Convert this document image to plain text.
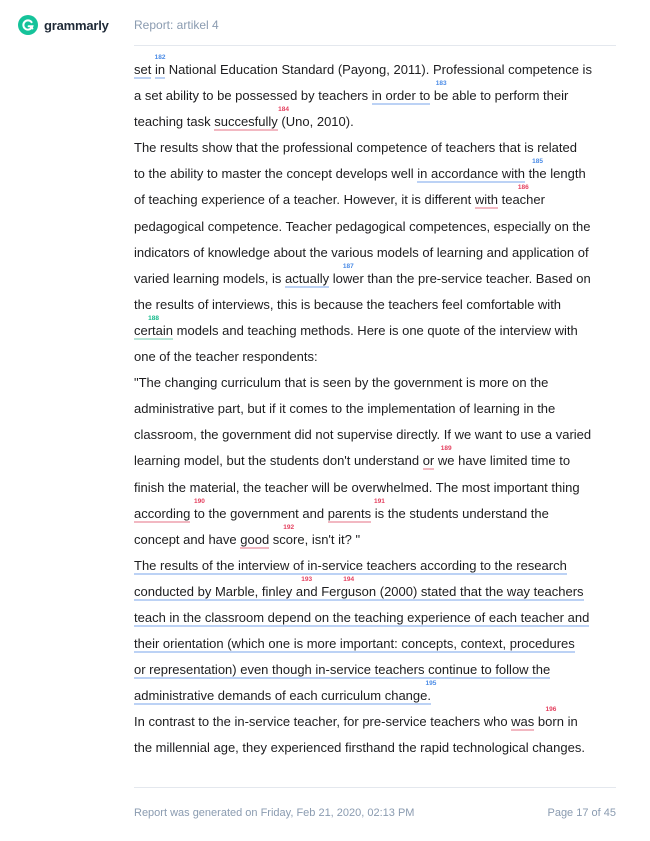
grammarly Report: artikel 4
set in
182
National Education Standard (Payong, 2011). Professional competence is
a set ability to be possessed by teachers in order to be
183
able to perform their
teaching task succesfully (
184
Uno, 2010).
The results show that the professional competence of teachers that is related
to the ability to master the concept develops well in accordance with the
185
length
of teaching experience of a teacher. However, it is different with teacher
186
pedagogical competence. Teacher pedagogical competences, especially on the
indicators of knowledge about the various models of learning and application of
varied learning models, is actually lower
187
than the pre-service teacher. Based on
the results of interviews, this is because the teachers feel comfortable with
certain
188
models and teaching methods. Here is one quote of the interview with
one of the teacher respondents:
"The changing curriculum that is seen by the government is more on the
administrative part, but if it comes to the implementation of learning in the
classroom, the government did not supervise directly. If we want to use a varied
learning model, but the students don't understand or we
189
have limited time to
finish the material, the teacher will be overwhelmed. The most important thing
according to
190
the government and parents is
191
the students understand the
concept and have good score
192
, isn't it? "
The results of the interview of in-service teachers according to the research
conducted by Marble, finley and
193
Ferguson
194
(2000) stated that the way teachers
teach in the classroom depend on the teaching experience of each teacher and
their orientation (which one is more important: concepts, context, procedures
or representation) even though in-service teachers continue to follow the
administrative demands of each curriculum change.
195
In contrast to the in-service teacher, for pre-service teachers who was born
196
in
the millennial age, they experienced firsthand the rapid technological changes.
Report was generated on Friday, Feb 21, 2020, 02:13 PM	Page 17 of 45
